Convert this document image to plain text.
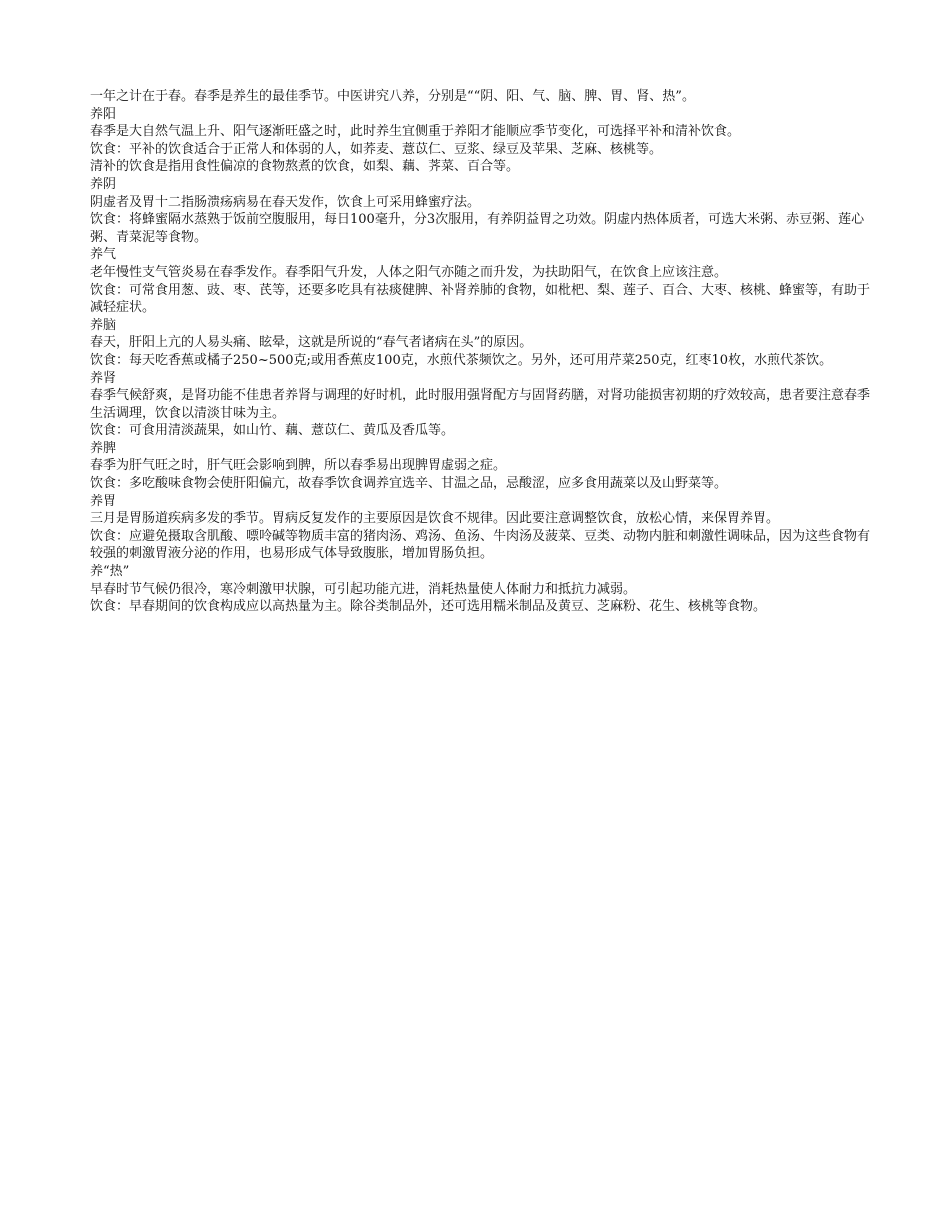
一年之计在于春。春季是养生的最佳季节。中医讲究八养，分别是““阴、阳、气、脑、脾、胃、肾、热”。

养阳

春季是大自然气温上升、阳气逐渐旺盛之时，此时养生宜侧重于养阳才能顺应季节变化，可选择平补和清补饮食。

饮食：平补的饮食适合于正常人和体弱的人，如荞麦、薏苡仁、豆浆、绿豆及苹果、芝麻、核桃等。

清补的饮食是指用食性偏凉的食物熬煮的饮食，如梨、藕、荠菜、百合等。

养阴

阴虚者及胃十二指肠溃疡病易在春天发作，饮食上可采用蜂蜜疗法。

饮食：将蜂蜜隔水蒸熟于饭前空腹服用，每日100毫升，分3次服用，有养阴益胃之功效。阴虚内热体质者，可选大米粥、赤豆粥、莲心粥、青菜泥等食物。

养气

老年慢性支气管炎易在春季发作。春季阳气升发，人体之阳气亦随之而升发，为扶助阳气，在饮食上应该注意。

饮食：可常食用葱、豉、枣、芪等，还要多吃具有祛痰健脾、补肾养肺的食物，如枇杷、梨、莲子、百合、大枣、核桃、蜂蜜等，有助于减轻症状。

养脑

春天，肝阳上亢的人易头痛、眩晕，这就是所说的“春气者诸病在头”的原因。

饮食：每天吃香蕉或橘子250~500克;或用香蕉皮100克，水煎代茶频饮之。另外，还可用芹菜250克，红枣10枚，水煎代茶饮。

养肾

春季气候舒爽，是肾功能不佳患者养肾与调理的好时机，此时服用强肾配方与固肾药膳，对肾功能损害初期的疗效较高，患者要注意春季生活调理，饮食以清淡甘味为主。

饮食：可食用清淡蔬果，如山竹、藕、薏苡仁、黄瓜及香瓜等。

养脾

春季为肝气旺之时，肝气旺会影响到脾，所以春季易出现脾胃虚弱之症。

饮食：多吃酸味食物会使肝阳偏亢，故春季饮食调养宜选辛、甘温之品，忌酸涩，应多食用蔬菜以及山野菜等。

养胃

三月是胃肠道疾病多发的季节。胃病反复发作的主要原因是饮食不规律。因此要注意调整饮食，放松心情，来保胃养胃。

饮食：应避免摄取含肌酸、嘌呤碱等物质丰富的猪肉汤、鸡汤、鱼汤、牛肉汤及菠菜、豆类、动物内脏和刺激性调味品，因为这些食物有较强的刺激胃液分泌的作用，也易形成气体导致腹胀，增加胃肠负担。

养“热”

早春时节气候仍很冷，寒冷刺激甲状腺，可引起功能亢进，消耗热量使人体耐力和抵抗力减弱。

饮食：早春期间的饮食构成应以高热量为主。除谷类制品外，还可选用糯米制品及黄豆、芝麻粉、花生、核桃等食物。
